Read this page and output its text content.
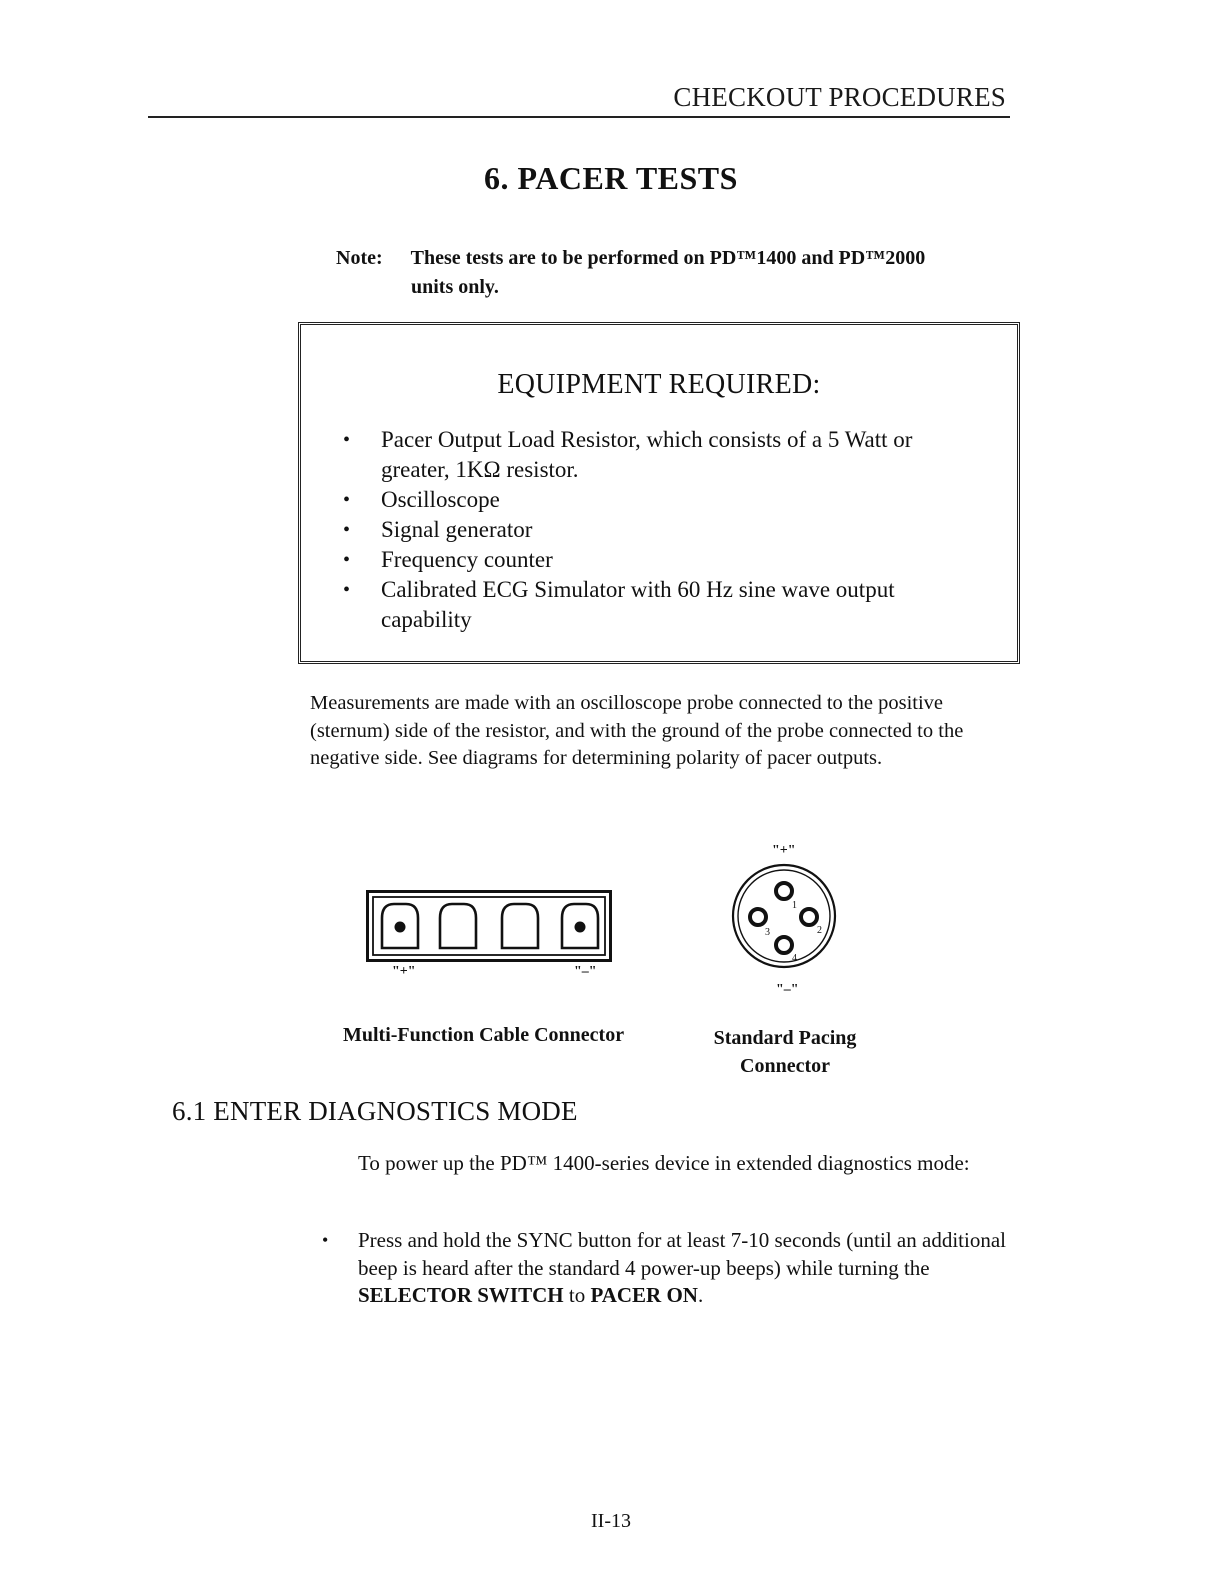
CHECKOUT PROCEDURES
6. PACER TESTS
Note: These tests are to be performed on PD™1400 and PD™2000
units only.
EQUIPMENT REQUIRED:
• Pacer Output Load Resistor, which consists of a 5 Watt or greater, 1KΩ resistor.
• Oscilloscope
• Signal generator
• Frequency counter
• Calibrated ECG Simulator with 60 Hz sine wave output capability
Measurements are made with an oscilloscope probe connected to the positive (sternum) side of the resistor, and with the ground of the probe connected to the negative side. See diagrams for determining polarity of pacer outputs.
"+"	"–"
"+"
1
2
3
4
"–"
Multi-Function Cable Connector	Standard Pacing
Connector
6.1 ENTER DIAGNOSTICS MODE
To power up the PD™ 1400-series device in extended diagnostics mode:
• Press and hold the SYNC button for at least 7-10 seconds (until an additional beep is heard after the standard 4 power-up beeps) while turning the SELECTOR SWITCH to PACER ON.
II-13
